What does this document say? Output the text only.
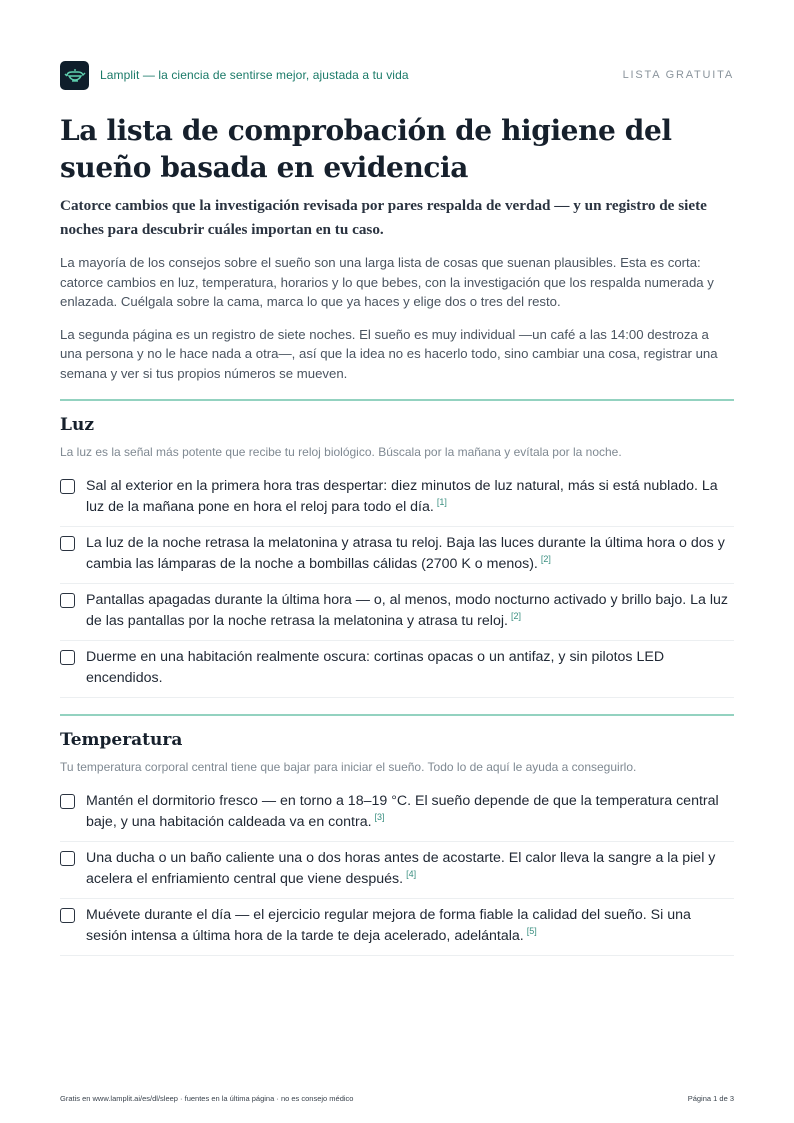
Lamplit — la ciencia de sentirse mejor, ajustada a tu vida	LISTA GRATUITA
La lista de comprobación de higiene del sueño basada en evidencia
Catorce cambios que la investigación revisada por pares respalda de verdad — y un registro de siete noches para descubrir cuáles importan en tu caso.

La mayoría de los consejos sobre el sueño son una larga lista de cosas que suenan plausibles. Esta es corta: catorce cambios en luz, temperatura, horarios y lo que bebes, con la investigación que los respalda numerada y enlazada. Cuélgala sobre la cama, marca lo que ya haces y elige dos o tres del resto.

La segunda página es un registro de siete noches. El sueño es muy individual —un café a las 14:00 destroza a una persona y no le hace nada a otra—, así que la idea no es hacerlo todo, sino cambiar una cosa, registrar una semana y ver si tus propios números se mueven.

Luz
La luz es la señal más potente que recibe tu reloj biológico. Búscala por la mañana y evítala por la noche.
Sal al exterior en la primera hora tras despertar: diez minutos de luz natural, más si está nublado. La luz de la mañana pone en hora el reloj para todo el día. [1]
La luz de la noche retrasa la melatonina y atrasa tu reloj. Baja las luces durante la última hora o dos y cambia las lámparas de la noche a bombillas cálidas (2700 K o menos). [2]
Pantallas apagadas durante la última hora — o, al menos, modo nocturno activado y brillo bajo. La luz de las pantallas por la noche retrasa la melatonina y atrasa tu reloj. [2]
Duerme en una habitación realmente oscura: cortinas opacas o un antifaz, y sin pilotos LED encendidos.
Temperatura
Tu temperatura corporal central tiene que bajar para iniciar el sueño. Todo lo de aquí le ayuda a conseguirlo.
Mantén el dormitorio fresco — en torno a 18–19 °C. El sueño depende de que la temperatura central baje, y una habitación caldeada va en contra. [3]
Una ducha o un baño caliente una o dos horas antes de acostarte. El calor lleva la sangre a la piel y acelera el enfriamiento central que viene después. [4]
Muévete durante el día — el ejercicio regular mejora de forma fiable la calidad del sueño. Si una sesión intensa a última hora de la tarde te deja acelerado, adelántala. [5]
Gratis en www.lamplit.ai/es/dl/sleep · fuentes en la última página · no es consejo médico	Página 1 de 3
